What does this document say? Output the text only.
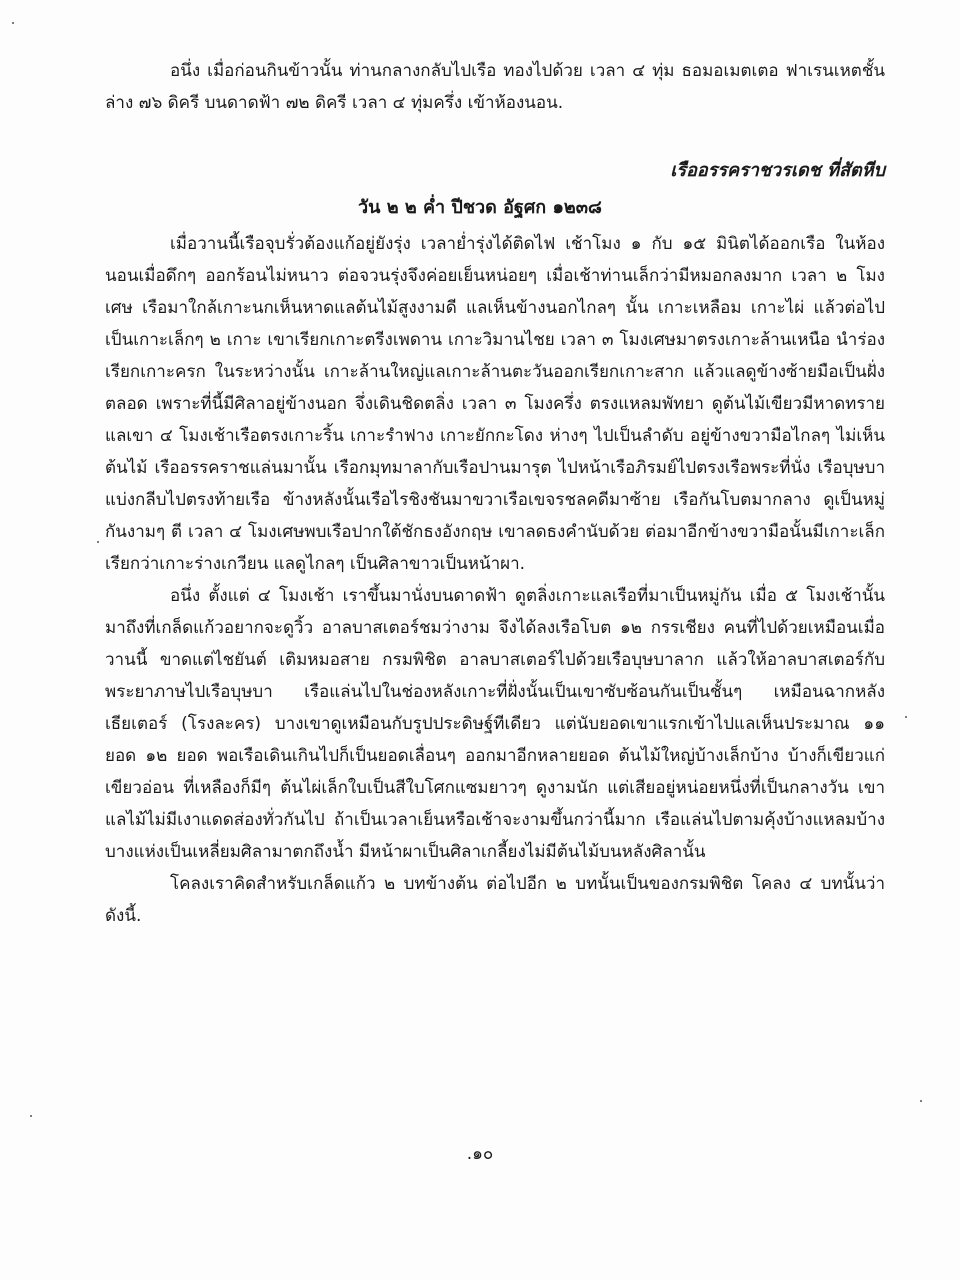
อนึ่ง เมื่อก่อนกินข้าวนั้น ท่านกลางกลับไปเรือ ทองไปด้วย เวลา ๔ ทุ่ม ธอมอเมตเตอ ฟาเรนเหตชั้นล่าง ๗๖ ดิครี บนดาดฟ้า ๗๒ ดิครี เวลา ๔ ทุ่มครึ่ง เข้าห้องนอน.

เรืออรรคราชวรเดช ที่สัตหีบ

วัน ๒ ๒ ค่ำ ปีชวด อัฐศก ๑๒๓๘

เมื่อวานนี้เรือจุบรั่วต้องแก้อยู่ยังรุ่ง เวลาย่ำรุ่งได้ติดไฟ เช้าโมง ๑ กับ ๑๕ มินิตได้ออกเรือ ในห้องนอนเมื่อดึกๆ ออกร้อนไม่หนาว ต่อจวนรุ่งจึงค่อยเย็นหน่อยๆ เมื่อเช้าท่านเล็กว่ามีหมอกลงมาก เวลา ๒ โมงเศษ เรือมาใกล้เกาะนกเห็นหาดแลต้นไม้สูงงามดี แลเห็นข้างนอกไกลๆ นั้น เกาะเหลือม เกาะไผ่ แล้วต่อไปเป็นเกาะเล็กๆ ๒ เกาะ เขาเรียกเกาะตรีงเพดาน เกาะวิมานไชย เวลา ๓ โมงเศษมาตรงเกาะล้านเหนือ นำร่องเรียกเกาะครก ในระหว่างนั้น เกาะล้านใหญ่แลเกาะล้านตะวันออกเรียกเกาะสาก แล้วแลดูข้างซ้ายมือเป็นฝั่งตลอด เพราะที่นี้มีศิลาอยู่ข้างนอก จึ่งเดินชิดตลิ่ง เวลา ๓ โมงครึ่ง ตรงแหลมพัทยา ดูต้นไม้เขียวมีหาดทรายแลเขา ๔ โมงเช้าเรือตรงเกาะริ้น เกาะรำฟาง เกาะยักกะโดง ห่างๆ ไปเป็นลำดับ อยู่ข้างขวามือไกลๆ ไม่เห็นต้นไม้ เรืออรรคราชแล่นมานั้น เรือกมุทมาลากับเรือปานมารุต ไปหน้าเรือภิรมย์ไปตรงเรือพระที่นั่ง เรือบุษบาแบ่งกลีบไปตรงท้ายเรือ ข้างหลังนั้นเรือไรชิงชันมาขวาเรือเขจรชลคดีมาซ้าย เรือกันโบตมากลาง ดูเป็นหมู่กันงามๆ ตี เวลา ๔ โมงเศษพบเรือปากใต้ชักธงอังกฤษ เขาลดธงคำนับด้วย ต่อมาอีกข้างขวามือนั้นมีเกาะเล็กเรียกว่าเกาะร่างเกวียน แลดูไกลๆ เป็นศิลาขาวเป็นหน้าผา.

อนึ่ง ตั้งแต่ ๔ โมงเช้า เราขึ้นมานั่งบนดาดฟ้า ดูตลิ่งเกาะแลเรือที่มาเป็นหมู่กัน เมื่อ ๕ โมงเช้านั้น มาถึงที่เกล็ดแก้วอยากจะดูวิ้ว อาลบาสเตอร์ชมว่างาม จึงได้ลงเรือโบต ๑๒ กรรเชียง คนที่ไปด้วยเหมือนเมื่อวานนี้ ขาดแต่ไชยันต์ เติมหมอสาย กรมพิชิต อาลบาสเตอร์ไปด้วยเรือบุษบาลาก แล้วให้อาลบาสเตอร์กับพระยาภาษไปเรือบุษบา เรือแล่นไปในช่องหลังเกาะที่ฝั่งนั้นเป็นเขาซับซ้อนกันเป็นชั้นๆ เหมือนฉากหลังเธียเตอร์ (โรงละคร) บางเขาดูเหมือนกับรูปประดิษฐ์ทีเดียว แต่นับยอดเขาแรกเข้าไปแลเห็นประมาณ ๑๑ ยอด ๑๒ ยอด พอเรือเดินเกินไปก็เป็นยอดเลื่อนๆ ออกมาอีกหลายยอด ต้นไม้ใหญ่บ้างเล็กบ้าง บ้างก็เขียวแก่เขียวอ่อน ที่เหลืองก็มีๆ ต้นไผ่เล็กใบเป็นสีใบโศกแซมยาวๆ ดูงามนัก แต่เสียอยู่หน่อยหนึ่งที่เป็นกลางวัน เขาแลไม้ไม่มีเงาแดดส่องทั่วกันไป ถ้าเป็นเวลาเย็นหรือเช้าจะงามขึ้นกว่านี้มาก เรือแล่นไปตามคุ้งบ้างแหลมบ้าง บางแห่งเป็นเหลี่ยมศิลามาตกถึงน้ำ มีหน้าผาเป็นศิลาเกลี้ยงไม่มีต้นไม้บนหลังศิลานั้น

โคลงเราคิดสำหรับเกล็ดแก้ว ๒ บทข้างต้น ต่อไปอีก ๒ บทนั้นเป็นของกรมพิชิต โคลง ๔ บทนั้นว่าดังนี้.

.๑๐
